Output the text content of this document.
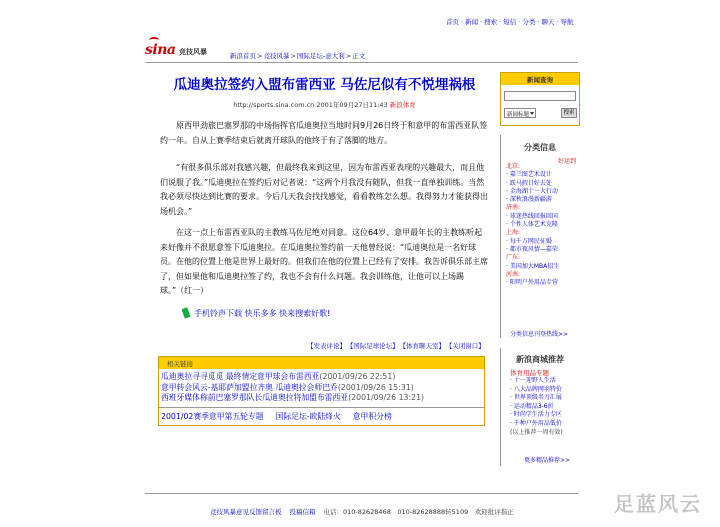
首页 · 新闻 · 搜索 · 短信 · 分类 · 聊天 · 导航
sina 竞技风暴	新浪首页>竞技风暴>国际足坛-意大利>正文
瓜迪奥拉签约入盟布雷西亚 马佐尼似有不悦埋祸根
http://sports.sina.com.cn 2001年09月27日11:43 新浪体育
原西甲劲旅巴塞罗那的中场指挥官瓜迪奥拉当地时间9月26日终于和意甲的布雷西亚队签约一年。自从上赛季结束后就离开球队的他终于有了落脚的地方。
“有很多俱乐部对我感兴趣，但最终我来到这里，因为布雷西亚表现的兴趣最大，而且他们说服了我。”瓜迪奥拉在签约后对记者说：“这两个月我没有随队，但我一直单独训练。当然我必须尽快达到比赛的要求。今后几天我会找找感觉，看看教练怎么想。我得努力才能获得出场机会。”
在这一点上布雷西亚队的主教练马佐尼绝对同意。这位64岁、意甲最年长的主教练听起来好像并不很愿意签下瓜迪奥拉。在瓜迪奥拉签约前一天他曾经说：“瓜迪奥拉是一名好球员。在他的位置上他是世界上最好的。但我们在他的位置上已经有了安排。我告诉俱乐部主席了，但如果他和瓜迪奥拉签了约，我也不会有什么问题。我会训练他，让他可以上场踢球。”（红一）
手机铃声下载 快乐多多 快来搜索好歌!
【发表评论】 【国际足球论坛】 【体育聊天室】 【关闭窗口】
相关链接
瓜迪奥拉寻寻觅觅 最终情定意甲球会布雷西亚(2001/09/26 22:51)
意甲转会风云-基耶萨加盟拉齐奥 瓜迪奥拉会师巴乔(2001/09/26 15:31)
西班牙媒体称前巴塞罗那队长瓜迪奥拉将加盟布雷西亚(2001/09/26 13:21)
2001/02赛季意甲第五轮专题 国际足坛-欧陆烽火 意甲积分榜
新闻查询
新闻标题	搜索
分类信息
好运到
北京:
· 嘉兰图艺术设计
· 跃马假日好去处
· 金海湖十一大行动
· 深秋浪漫新疆游
济南:
· 球迷热线回报回国
· 个性人体艺术克隆
上海:
· 每千万网民征婚
· 都市夜风情—嘉荣
广东:
· 美国加大MBA招生
河南:
· 阳明户外用品专营
分类信息刊登热线>>
新浪商城推荐
体育用品专题
· 十一迎野人生活
· 八大品牌网羽特价
· 世界顶级名刀汇展
· 运动精品3-6折
· 时尚学生活力专区
· 千种户外用品低价
(以上推荐一周有效)
更多精品推荐>>
竞技风暴意见反馈留言板 投稿信箱 电话：010-82628468　010-82628888转5109　欢迎批评指正	足蓝风云
